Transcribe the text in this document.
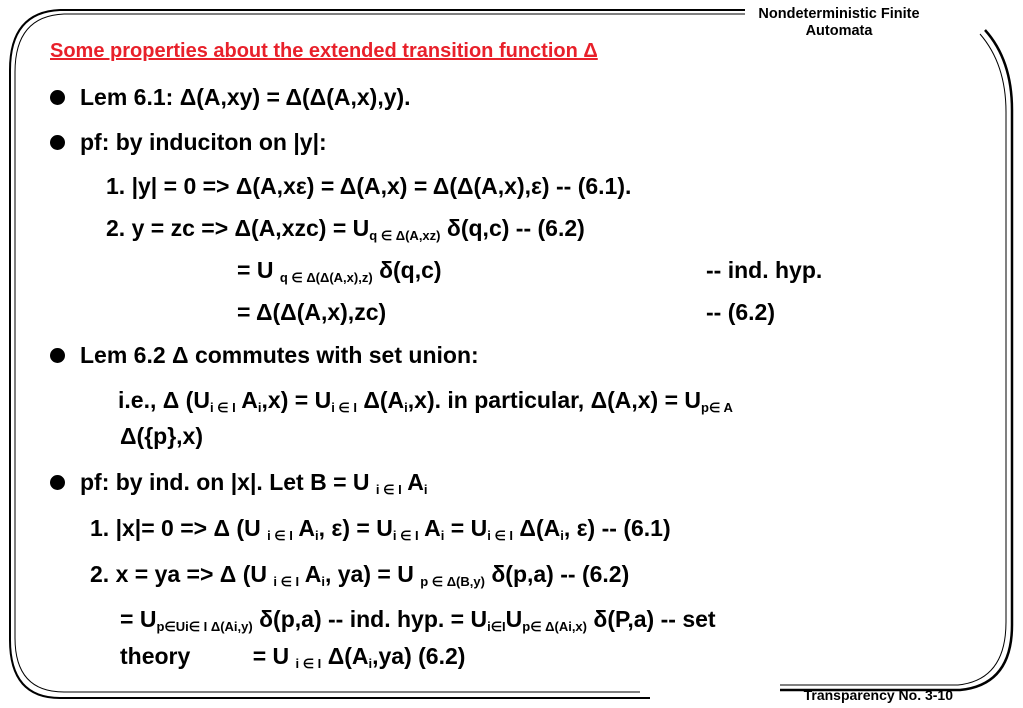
Nondeterministic Finite
Automata
Some properties about the extended transition function Δ
Lem 6.1: Δ(A,xy) = Δ(Δ(A,x),y).
pf: by induciton on |y|:
1. |y| = 0 => Δ(A,xε) = Δ(A,x) = Δ(Δ(A,x),ε) -- (6.1).
2. y = zc => $\Delta(A,xzc) = U_{q \in \Delta(A,xz)}$ δ(q,c) -- (6.2)
= U $_{q \in \Delta(\Delta(A,x),z)}$ δ(q,c)	-- ind. hyp.
= Δ(Δ(A,x),zc)	-- (6.2)
Lem 6.2 Δ commutes with set union:
i.e., Δ ($U_{i \in I}$ $A_i,x) = U_{i \in I}$ $\Delta(A_i,x)$. in particular, $\Delta(A,x) = U_{p\in A}$
Δ({p},x)
pf: by ind. on |x|. Let B = U $_{i \in I}$ $A_i$
1. |x|= 0 => Δ (U $_{i \in I}$ $A_i$, $\varepsilon) = U_{i \in I}$ $A_i = U_{i \in I}$ $\Delta(A_i$, ε) -- (6.1)
2. x = ya => Δ (U $_{i \in I}$ $A_i$, ya) = U $_{p \in \Delta(B,y)}$ δ(p,a) -- (6.2)
= $U_{p\in Ui\in I \Delta(Ai,y)}$ δ(p,a) -- ind. hyp. = $U_{i\in I}U_{p\in \Delta(Ai,x)}$ δ(P,a) -- set
theory	= U $_{i \in I}$ $\Delta(A_i,ya)$ (6.2)
Transparency No. 3-10
